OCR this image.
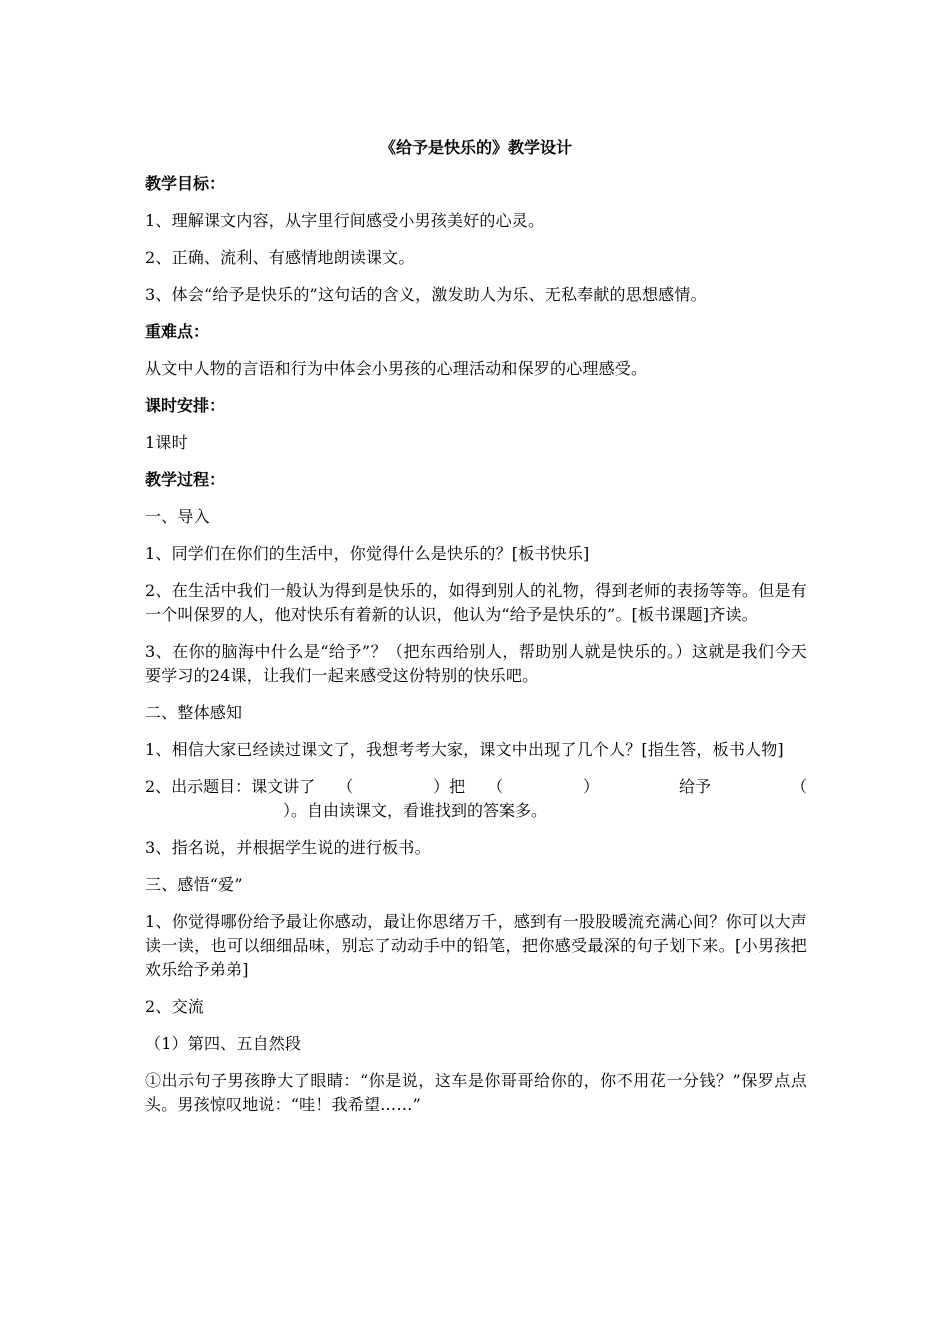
《给予是快乐的》教学设计
教学目标：
1、理解课文内容，从字里行间感受小男孩美好的心灵。
2、正确、流利、有感情地朗读课文。
3、体会“给予是快乐的”这句话的含义，激发助人为乐、无私奉献的思想感情。
重难点：
从文中人物的言语和行为中体会小男孩的心理活动和保罗的心理感受。
课时安排：
1课时
教学过程：
一、导入
1、同学们在你们的生活中，你觉得什么是快乐的？[板书快乐]
2、在生活中我们一般认为得到是快乐的，如得到别人的礼物，得到老师的表扬等等。但是有一个叫保罗的人，他对快乐有着新的认识，他认为“给予是快乐的”。[板书课题]齐读。
3、在你的脑海中什么是“给予”？（把东西给别人，帮助别人就是快乐的。）这就是我们今天要学习的24课，让我们一起来感受这份特别的快乐吧。
二、整体感知
1、相信大家已经读过课文了，我想考考大家，课文中出现了几个人？[指生答，板书人物]
2、出示题目：课文讲了 （	）把 （	）	给予	（
）。自由读课文，看谁找到的答案多。
3、指名说，并根据学生说的进行板书。
三、感悟“爱”
1、你觉得哪份给予最让你感动，最让你思绪万千，感到有一股股暖流充满心间？你可以大声读一读，也可以细细品味，别忘了动动手中的铅笔，把你感受最深的句子划下来。[小男孩把欢乐给予弟弟]
2、交流
（1）第四、五自然段
①出示句子男孩睁大了眼睛：“你是说，这车是你哥哥给你的，你不用花一分钱？”保罗点点头。男孩惊叹地说：“哇！我希望……”
